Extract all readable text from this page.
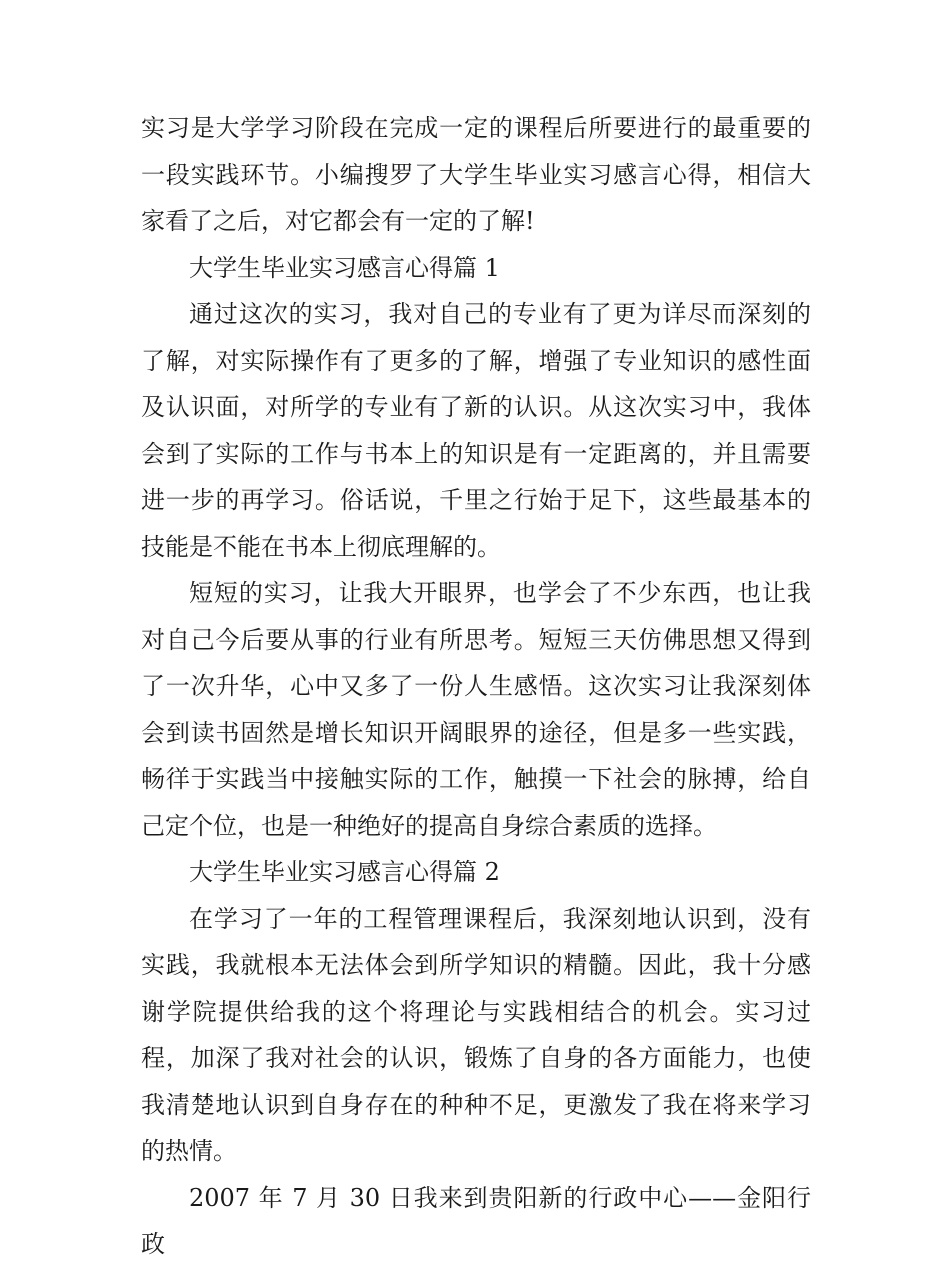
实习是大学学习阶段在完成一定的课程后所要进行的最重要的一段实践环节。小编搜罗了大学生毕业实习感言心得，相信大家看了之后，对它都会有一定的了解!

大学生毕业实习感言心得篇 1

通过这次的实习，我对自己的专业有了更为详尽而深刻的了解，对实际操作有了更多的了解，增强了专业知识的感性面及认识面，对所学的专业有了新的认识。从这次实习中，我体会到了实际的工作与书本上的知识是有一定距离的，并且需要进一步的再学习。俗话说，千里之行始于足下，这些最基本的技能是不能在书本上彻底理解的。

短短的实习，让我大开眼界，也学会了不少东西，也让我对自己今后要从事的行业有所思考。短短三天仿佛思想又得到了一次升华，心中又多了一份人生感悟。这次实习让我深刻体会到读书固然是增长知识开阔眼界的途径，但是多一些实践，畅徉于实践当中接触实际的工作，触摸一下社会的脉搏，给自己定个位，也是一种绝好的提高自身综合素质的选择。

大学生毕业实习感言心得篇 2

在学习了一年的工程管理课程后，我深刻地认识到，没有实践，我就根本无法体会到所学知识的精髓。因此，我十分感谢学院提供给我的这个将理论与实践相结合的机会。实习过程，加深了我对社会的认识，锻炼了自身的各方面能力，也使我清楚地认识到自身存在的种种不足，更激发了我在将来学习的热情。

2007 年 7 月 30 日我来到贵阳新的行政中心——金阳行政
